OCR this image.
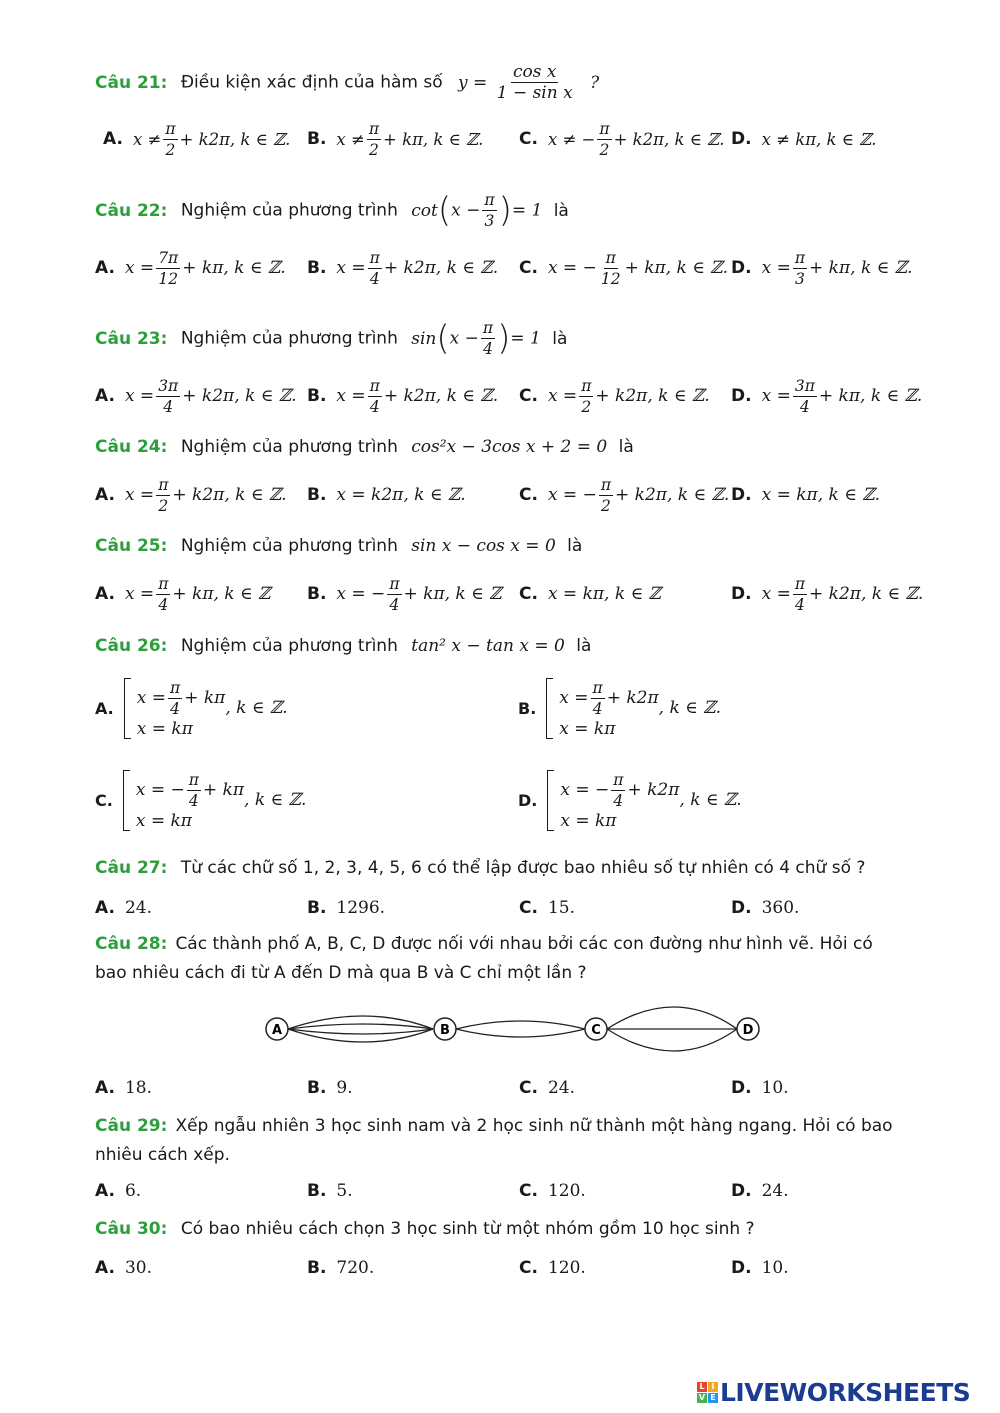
Câu 21: Điều kiện xác định của hàm số $y = \frac{\text{cos x}}{\text{1 − sin x}}$ ?
A. $x \ne \frac{\pi}{2} + k2\pi$, k ∈ ℤ. B. $x \ne \frac{\pi}{2} + k\pi$, k ∈ ℤ. C. x ≠ − $\frac{\pi}{2} + k2\pi$, k ∈ ℤ. D. x ≠ kπ, k ∈ ℤ.
Câu 22: Nghiệm của phương trình $\cot(x - \frac{\pi}{3}$ )= 1 là
A. $x = \frac{7\pi}{12} + k\pi$, k ∈ ℤ. B. $x = \frac{\pi}{4} + k2\pi$, k ∈ ℤ. C. x = − $\frac{\pi}{12} + k\pi$, k ∈ ℤ. D. $x = \frac{\pi}{3} + k\pi$, k ∈ ℤ.
Câu 23: Nghiệm của phương trình $\sin(x - \frac{\pi}{4}$ )= 1 là
A. $x = \frac{3\pi}{4} + k2\pi$, k ∈ ℤ. B. $x = \frac{\pi}{4} + k2\pi$, k ∈ ℤ. C. $x = \frac{\pi}{2} + k2\pi$, k ∈ ℤ. D. $x = \frac{3\pi}{4} + k\pi$, k ∈ ℤ.
Câu 24: Nghiệm của phương trình cos²x − 3cos x + 2 = 0 là
A. $x = \frac{\pi}{2} + k2\pi$, k ∈ ℤ. B. x = k2π, k ∈ ℤ.	C. x = − $\frac{\pi}{2} + k2\pi$, k ∈ ℤ. D. x = kπ, k ∈ ℤ.
Câu 25: Nghiệm của phương trình sin x − cos x = 0 là
A. $x = \frac{\pi}{4} + k\pi$, k ∈ ℤ B. x = − $\frac{\pi}{4} + k\pi$, k ∈ ℤ C. x = kπ, k ∈ ℤ	D. $x = \frac{\pi}{4} + k2\pi$, k ∈ ℤ.
Câu 26: Nghiệm của phương trình tan² x − tan x = 0 là
A. $x = \frac{\pi}{4} + k\pi$
x = kπ
, k ∈ ℤ.	B. $x = \frac{\pi}{4} + k2\pi$
x = kπ
, k ∈ ℤ.
C. x = − $\frac{\pi}{4} + k\pi$
x = kπ
, k ∈ ℤ.	D. x = − $\frac{\pi}{4} + k2\pi$
x = kπ
, k ∈ ℤ.
Câu 27: Từ các chữ số 1, 2, 3, 4, 5, 6 có thể lập được bao nhiêu số tự nhiên có 4 chữ số ?
A. 24.	B. 1296.	C. 15.	D. 360.
Câu 28: Các thành phố A, B, C, D được nối với nhau bởi các con đường như hình vẽ. Hỏi có
bao nhiêu cách đi từ A đến D mà qua B và C chỉ một lần ?
A	B	C	D
A. 18.	B. 9.	C. 24.	D. 10.
Câu 29: Xếp ngẫu nhiên 3 học sinh nam và 2 học sinh nữ thành một hàng ngang. Hỏi có bao
nhiêu cách xếp.
A. 6.	B. 5.	C. 120.	D. 24.
Câu 30: Có bao nhiêu cách chọn 3 học sinh từ một nhóm gồm 10 học sinh ?
A. 30.	B. 720.	C. 120.	D. 10.
L I
V E LIVEWORKSHEETS
